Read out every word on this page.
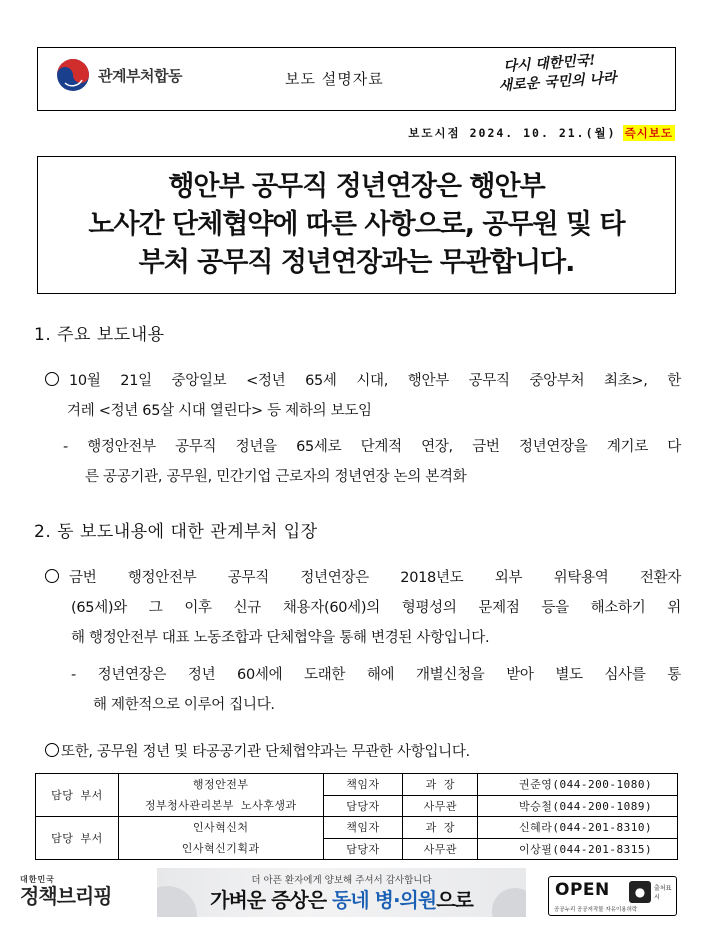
관계부처합동	보도 설명자료
다시 대한민국!
새로운 국민의 나라
보도시점 2024. 10. 21.(월) 즉시보도
행안부 공무직 정년연장은 행안부
노사간 단체협약에 따른 사항으로, 공무원 및 타
부처 공무직 정년연장과는 무관합니다.
1. 주요 보도내용
10월 21일 중앙일보 <정년 65세 시대, 행안부 공무직 중앙부처 최초>, 한
겨레 <정년 65살 시대 열린다> 등 제하의 보도임
- 행정안전부 공무직 정년을 65세로 단계적 연장, 금번 정년연장을 계기로 다
른 공공기관, 공무원, 민간기업 근로자의 정년연장 논의 본격화
2. 동 보도내용에 대한 관계부처 입장
금번 행정안전부 공무직 정년연장은 2018년도 외부 위탁용역 전환자
(65세)와 그 이후 신규 채용자(60세)의 형평성의 문제점 등을 해소하기 위
해 행정안전부 대표 노동조합과 단체협약을 통해 변경된 사항입니다.
- 정년연장은 정년 60세에 도래한 해에 개별신청을 받아 별도 심사를 통
해 제한적으로 이루어 집니다.
또한, 공무원 정년 및 타공공기관 단체협약과는 무관한 사항입니다.
담당 부서	행정안전부
정부청사관리본부 노사후생과	책임자	과 장	권준영(044-200-1080)
		담당자	사무관	박승철(044-200-1089)
담당 부서	인사혁신처
인사혁신기획과	책임자	과 장	신혜라(044-201-8310)
		담당자	사무관	이상필(044-201-8315)
대한민국
정책브리핑
더 아픈 환자에게 양보해 주셔서 감사합니다
가벼운 증상은 동네 병·의원으로	OPEN	●
공공누리 공공저작물 자유이용허락
출처표시
